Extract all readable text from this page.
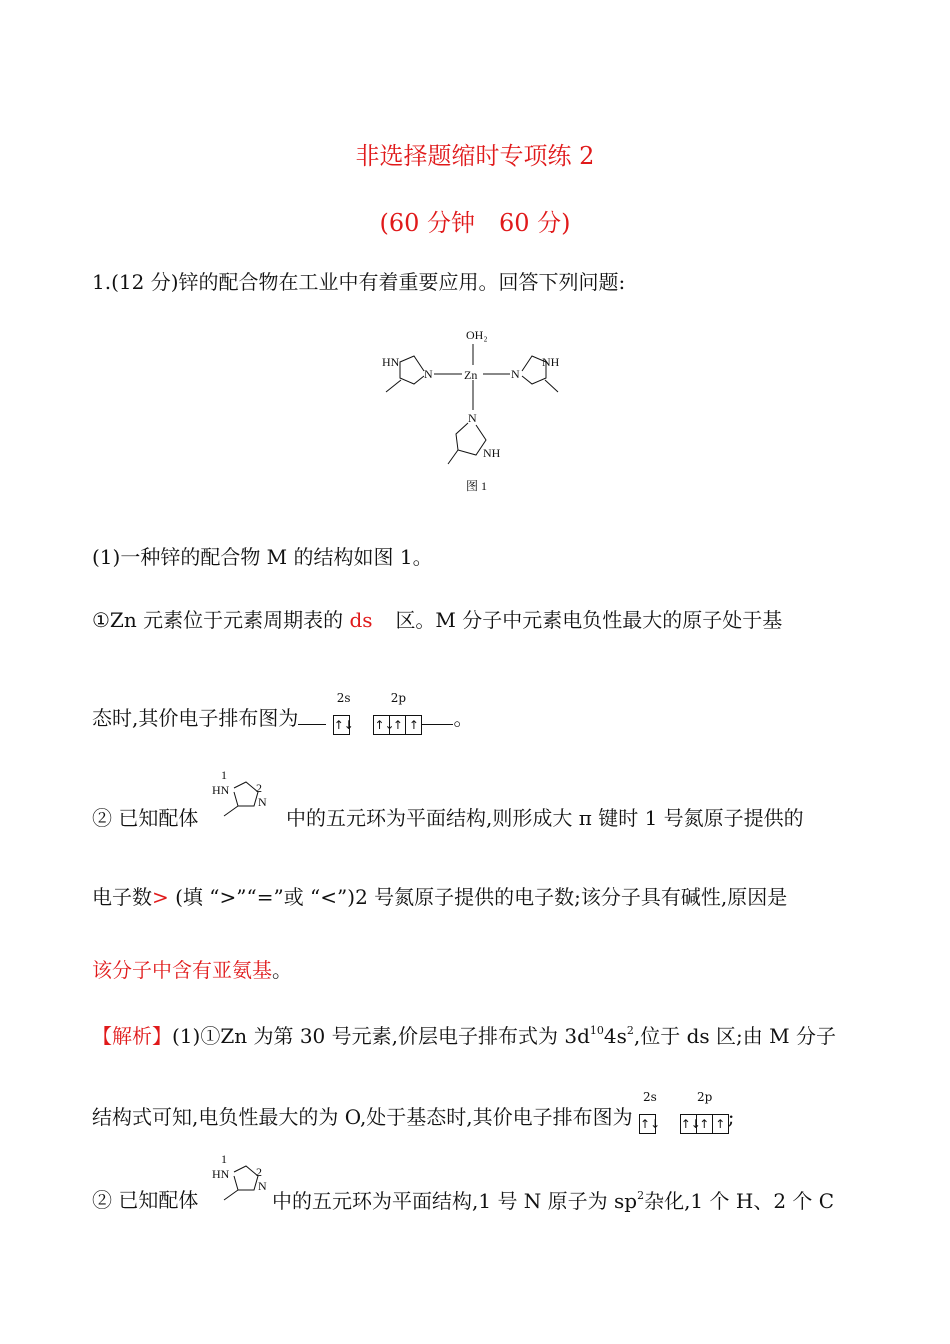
非选择题缩时专项练 2
(60 分钟　60 分)
1.(12 分)锌的配合物在工业中有着重要应用。回答下列问题:
OH₂
Zn
N
HN
N
NH
N
NH
图 1
(1)一种锌的配合物 M 的结构如图 1。
①Zn 元素位于元素周期表的 ds 区。M 分子中元素电负性最大的原子处于基
态时,其价电子排布图为
2s
↑↓
2p
↑↓↑ ↑ 。
② 已知配体
1
HN 2
N
中的五元环为平面结构,则形成大 π 键时 1 号氮原子提供的
电子数> (填 “>”“=”或 “<”)2 号氮原子提供的电子数;该分子具有碱性,原因是
该分子中含有亚氨基。
【解析】(1)①Zn 为第 30 号元素,价层电子排布式为 $3d^{10}4s^2$,位于 ds 区;由 M 分子
结构式可知,电负性最大的为 O,处于基态时,其价电子排布图为
2s
↑↓
2p
↑↓↑ ↑ ;
② 已知配体
1
HN 2
N
中的五元环为平面结构,1 号 N 原子为 $sp^2$杂化,1 个 H、2 个 C
